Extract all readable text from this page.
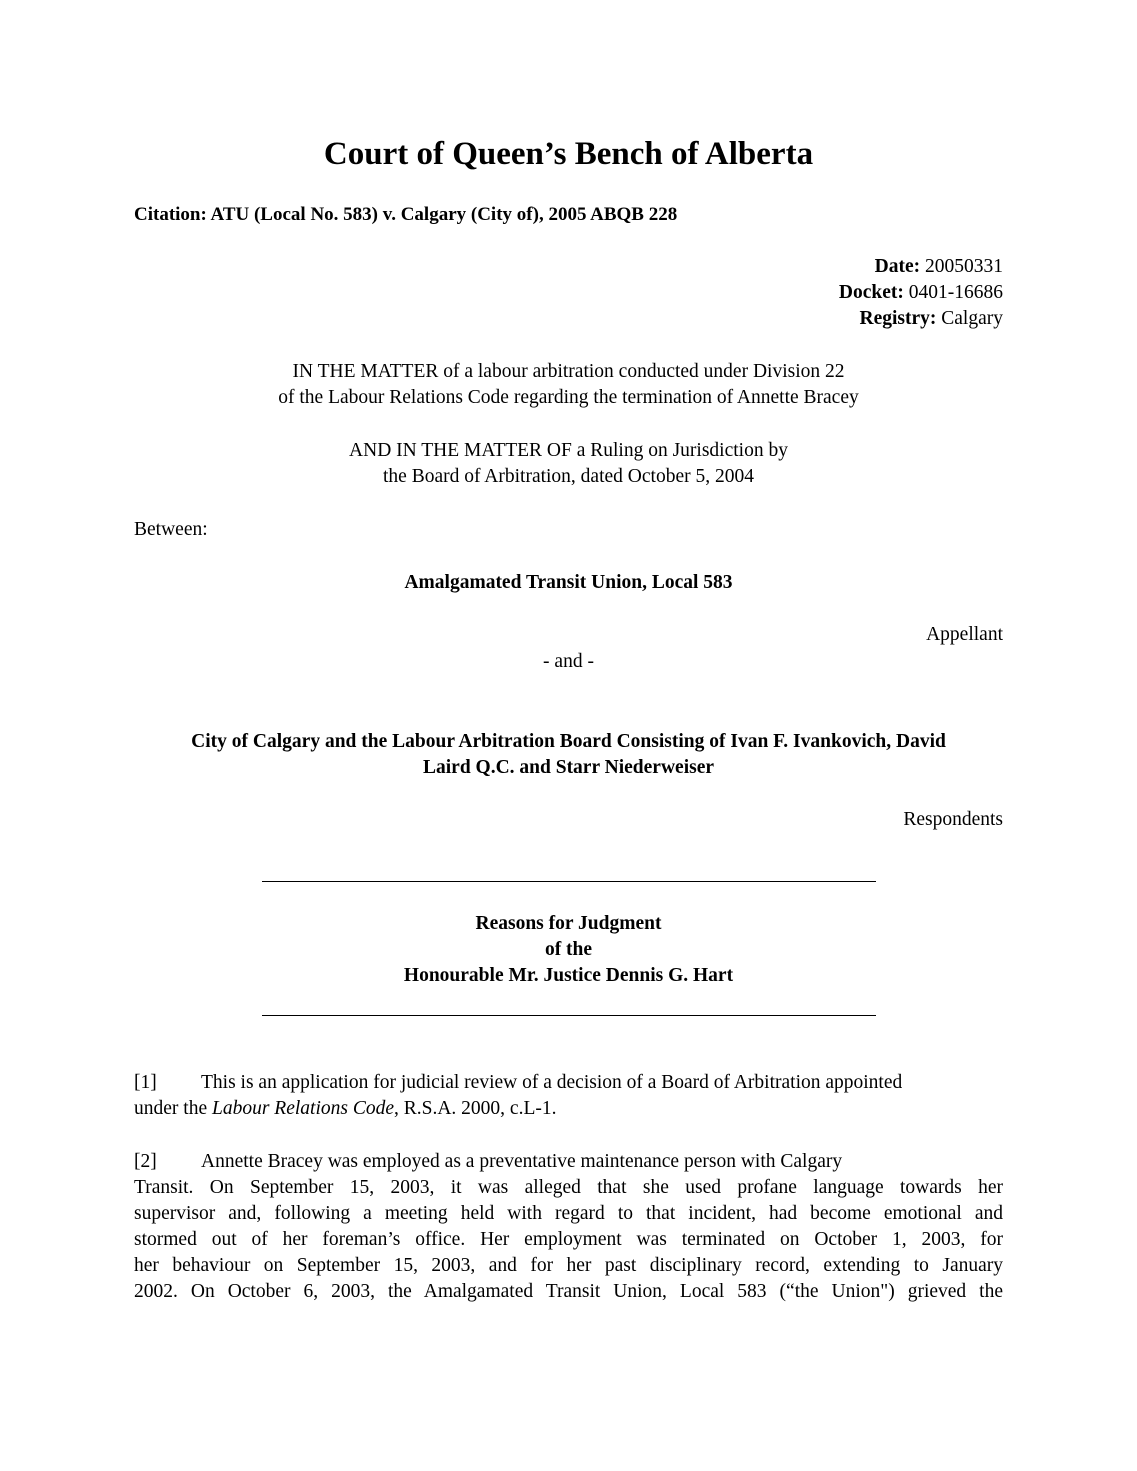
Court of Queen’s Bench of Alberta
Citation: ATU (Local No. 583) v. Calgary (City of), 2005 ABQB 228
Date: 20050331
Docket: 0401-16686
Registry: Calgary
IN THE MATTER of a labour arbitration conducted under Division 22
of the Labour Relations Code regarding the termination of Annette Bracey
AND IN THE MATTER OF a Ruling on Jurisdiction by
the Board of Arbitration, dated October 5, 2004
Between:
Amalgamated Transit Union, Local 583
Appellant
- and -
City of Calgary and the Labour Arbitration Board Consisting of Ivan F. Ivankovich, David
Laird Q.C. and Starr Niederweiser
Respondents
Reasons for Judgment
of the
Honourable Mr. Justice Dennis G. Hart
[1] This is an application for judicial review of a decision of a Board of Arbitration appointed
under the Labour Relations Code, R.S.A. 2000, c.L-1.
[2] Annette Bracey was employed as a preventative maintenance person with Calgary
Transit. On September 15, 2003, it was alleged that she used profane language towards her
supervisor and, following a meeting held with regard to that incident, had become emotional and
stormed out of her foreman’s office. Her employment was terminated on October 1, 2003, for
her behaviour on September 15, 2003, and for her past disciplinary record, extending to January
2002. On October 6, 2003, the Amalgamated Transit Union, Local 583 (“the Union") grieved the
